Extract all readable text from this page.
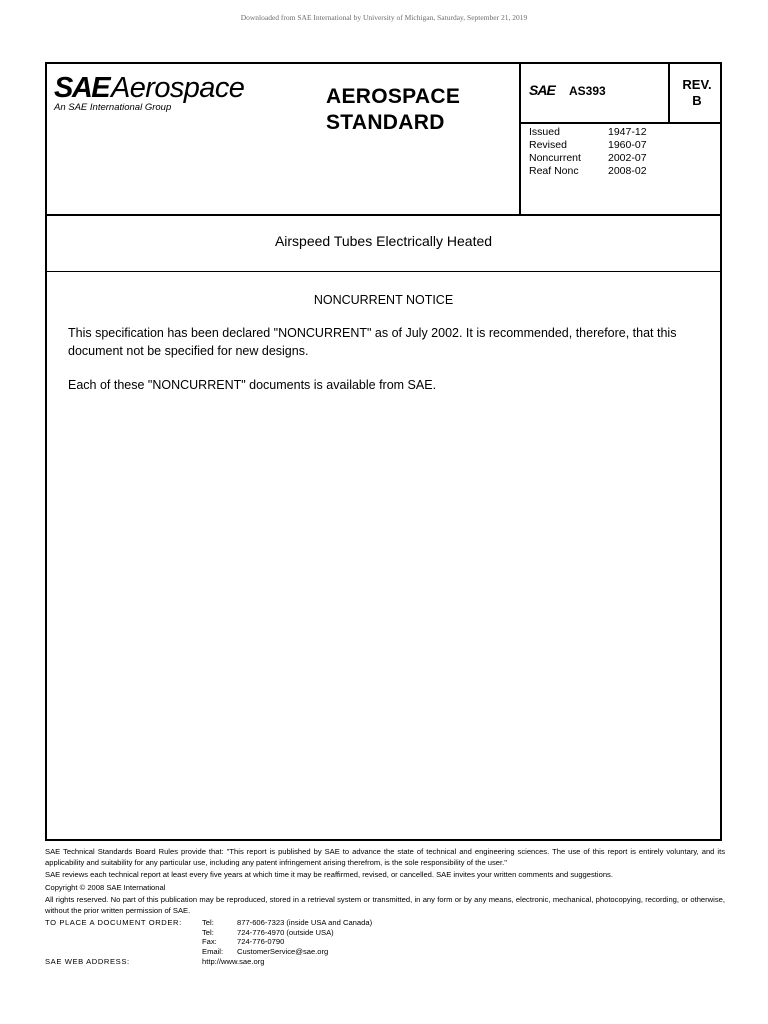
Downloaded from SAE International by University of Michigan, Saturday, September 21, 2019
SAE Aerospace
An SAE International Group	AEROSPACE
STANDARD
SAE AS393	REV.
B
Issued	1947-12
Revised	1960-07
Noncurrent	2002-07
Reaf Nonc	2008-02
Airspeed Tubes Electrically Heated
NONCURRENT NOTICE
This specification has been declared "NONCURRENT" as of July 2002. It is recommended, therefore, that this document not be specified for new designs.
Each of these "NONCURRENT" documents is available from SAE.

SAE Technical Standards Board Rules provide that: "This report is published by SAE to advance the state of technical and engineering sciences. The use of this report is entirely voluntary, and its applicability and suitability for any particular use, including any patent infringement arising therefrom, is the sole responsibility of the user."

SAE reviews each technical report at least every five years at which time it may be reaffirmed, revised, or cancelled. SAE invites your written comments and suggestions.

Copyright © 2008 SAE International

All rights reserved. No part of this publication may be reproduced, stored in a retrieval system or transmitted, in any form or by any means, electronic, mechanical, photocopying, recording, or otherwise, without the prior written permission of SAE.

TO PLACE A DOCUMENT ORDER:	Tel:	877-606-7323 (inside USA and Canada)
Tel:	724-776-4970 (outside USA)
Fax:	724-776-0790
Email:	CustomerService@sae.org
SAE WEB ADDRESS:	http://www.sae.org
